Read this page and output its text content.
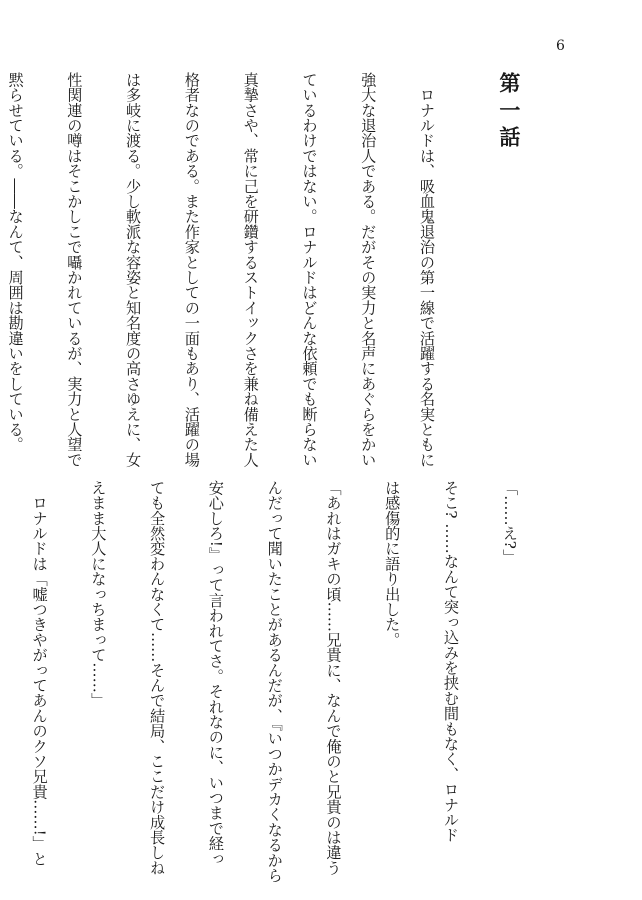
6

第一話

　ロナルドは、吸血鬼退治の第一線で活躍する名実ともに

強大な退治人である。だがその実力と名声にあぐらをかい

ているわけではない。ロナルドはどんな依頼でも断らない

真摯さや、常に己を研鑽するストイックさを兼ね備えた人

格者なのである。また作家としての一面もあり、活躍の場

は多岐に渡る。少し軟派な容姿と知名度の高さゆえに、女

性関連の噂はそこかしこで囁かれているが、実力と人望で

黙らせている。――なんて、周囲は勘違いをしている。

「……え?」

そこ? ……なんて突っ込みを挟む間もなく、ロナルド

は感傷的に語り出した。

「あれはガキの頃……兄貴に、なんで俺のと兄貴のは違う

んだって聞いたことがあるんだが、『いつかデカくなるから

安心しろ!』って言われてさ。それなのに、いつまで経っ

ても全然変わんなくて……そんで結局、ここだけ成長しね

えまま大人になっちまって……」

　ロナルドは「嘘つきやがってあんのクソ兄貴……!」と
